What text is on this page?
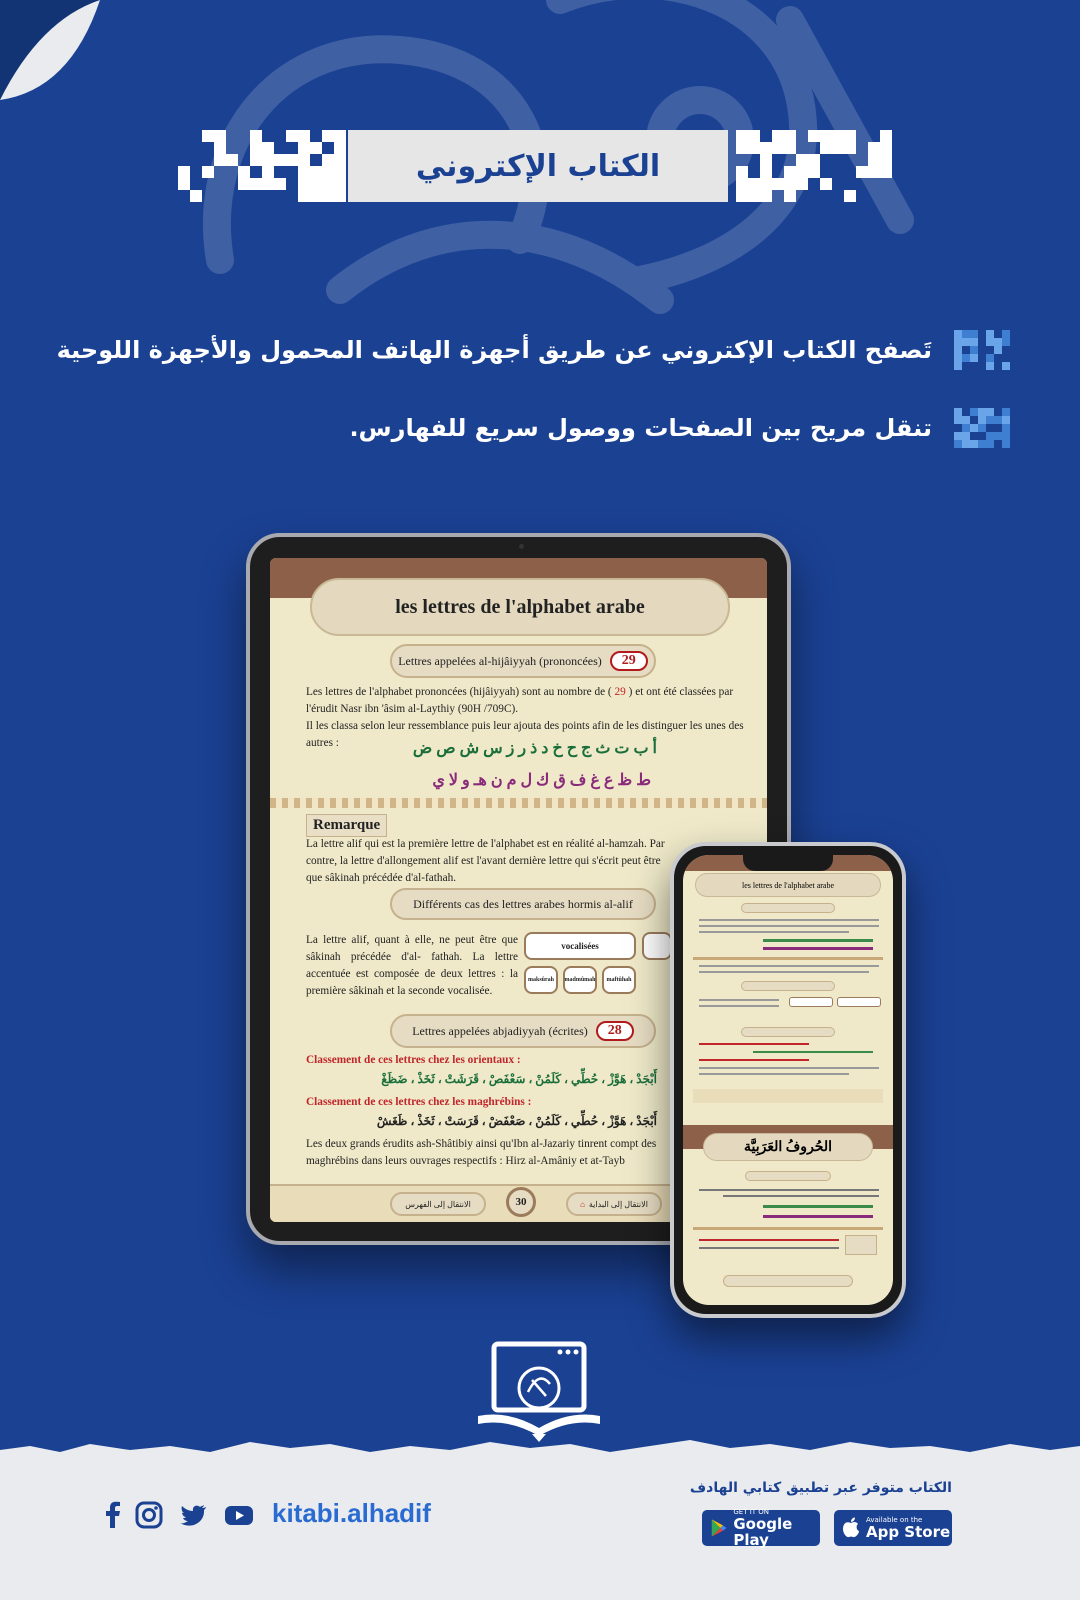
الكتاب الإكتروني
تَصفح الكتاب الإكتروني عن طريق أجهزة الهاتف المحمول والأجهزة اللوحية
تنقل مريح بين الصفحات ووصول سريع للفهارس.
les lettres de l'alphabet arabe
Lettres appelées al-hijâiyyah (prononcées)	29
Les lettres de l'alphabet prononcées (hijâiyyah) sont au nombre de ( 29 ) et ont été classées par l'érudit Nasr ibn 'âsim al-Laythiy (90H /709C).
Il les classa selon leur ressemblance puis leur ajouta des points afin de les distinguer les unes des autres :	أ ب ت ث ج ح خ د ذ ر ز س ش ص ض
ط ظ ع غ ف ق ك ل م ن هـ و لا ي
Remarque
La lettre alif qui est la première lettre de l'alphabet est en réalité al-hamzah. Par contre, la lettre d'allongement alif est l'avant dernière lettre qui s'écrit peut être que sâkinah précédée d'al-fathah.
Différents cas des lettres arabes hormis al-alif
La lettre alif, quant à elle, ne peut être que sâkinah précédée d'al- fathah. La lettre accentuée est composée de deux lettres : la première sâkinah et la seconde vocalisée.
vocalisées
maksûrah	madmûmah	maftûhah
Lettres appelées abjadiyyah (écrites)	28
Classement de ces lettres chez les orientaux :
أَبْجَدْ ، هَوَّزْ ، حُطِّي ، كَلَمُنْ ، سَعْفَصْ ، قَرَشَتْ ، ثَخَذْ ، ضَظَغْ
Classement de ces lettres chez les maghrébins :
أَبْجَدْ ، هَوَّزْ ، حُطِّي ، كَلَمُنْ ، صَعْفَضْ ، قَرَسَتْ ، ثَخَذْ ، ظَغَشْ
Les deux grands érudits ash-Shâtibiy ainsi qu'Ibn al-Jazariy tinrent compt des maghrébins dans leurs ouvrages respectifs : Hirz al-Amâniy et at-Tayb
الانتقال إلى الفهرس	30	الانتقال إلى البداية
⌂
les lettres de l'alphabet arabe
الحُروفُ العَرَبِيَّة
الكتاب متوفر عبر تطبيق كتابي الهادف
GET IT ON
Google Play
Available on the
App Store
kitabi.alhadif
